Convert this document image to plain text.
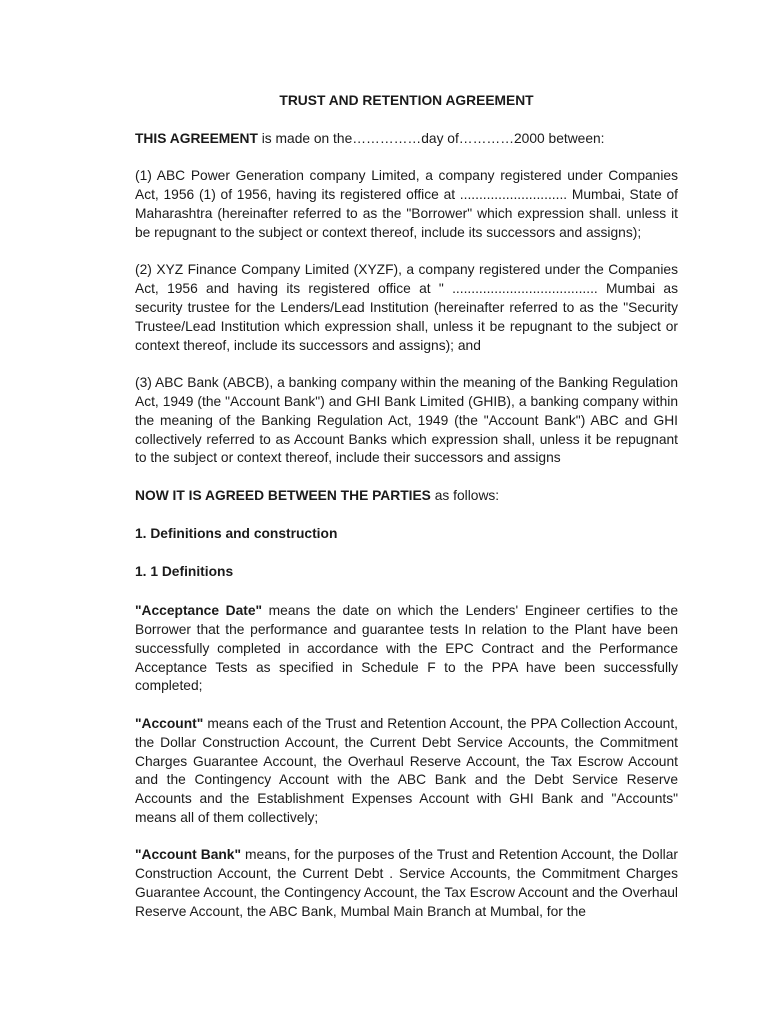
TRUST AND RETENTION AGREEMENT

THIS AGREEMENT is made on the……………day of…………2000 between:

(1) ABC Power Generation company Limited, a company registered under Companies Act, 1956 (1) of 1956, having its registered office at ............................ Mumbai, State of Maharashtra (hereinafter referred to as the "Borrower" which expression shall. unless it be repugnant to the subject or context thereof, include its successors and assigns);

(2) XYZ Finance Company Limited (XYZF), a company registered under the Companies Act, 1956 and having its registered office at " ...................................... Mumbai as security trustee for the Lenders/Lead Institution (hereinafter referred to as the "Security Trustee/Lead Institution which expression shall, unless it be repugnant to the subject or context thereof, include its successors and assigns); and

(3) ABC Bank (ABCB), a banking company within the meaning of the Banking Regulation Act, 1949 (the "Account Bank") and GHI Bank Limited (GHIB), a banking company within the meaning of the Banking Regulation Act, 1949 (the "Account Bank") ABC and GHI collectively referred to as Account Banks which expression shall, unless it be repugnant to the subject or context thereof, include their successors and assigns

NOW IT IS AGREED BETWEEN THE PARTIES as follows:

1. Definitions and construction
1. 1 Definitions

"Acceptance Date" means the date on which the Lenders' Engineer certifies to the Borrower that the performance and guarantee tests In relation to the Plant have been successfully completed in accordance with the EPC Contract and the Performance Acceptance Tests as specified in Schedule F to the PPA have been successfully completed;

"Account" means each of the Trust and Retention Account, the PPA Collection Account, the Dollar Construction Account, the Current Debt Service Accounts, the Commitment Charges Guarantee Account, the Overhaul Reserve Account, the Tax Escrow Account and the Contingency Account with the ABC Bank and the Debt Service Reserve Accounts and the Establishment Expenses Account with GHI Bank and "Accounts" means all of them collectively;

"Account Bank" means, for the purposes of the Trust and Retention Account, the Dollar Construction Account, the Current Debt . Service Accounts, the Commitment Charges Guarantee Account, the Contingency Account, the Tax Escrow Account and the Overhaul Reserve Account, the ABC Bank, Mumbal Main Branch at Mumbal, for the
